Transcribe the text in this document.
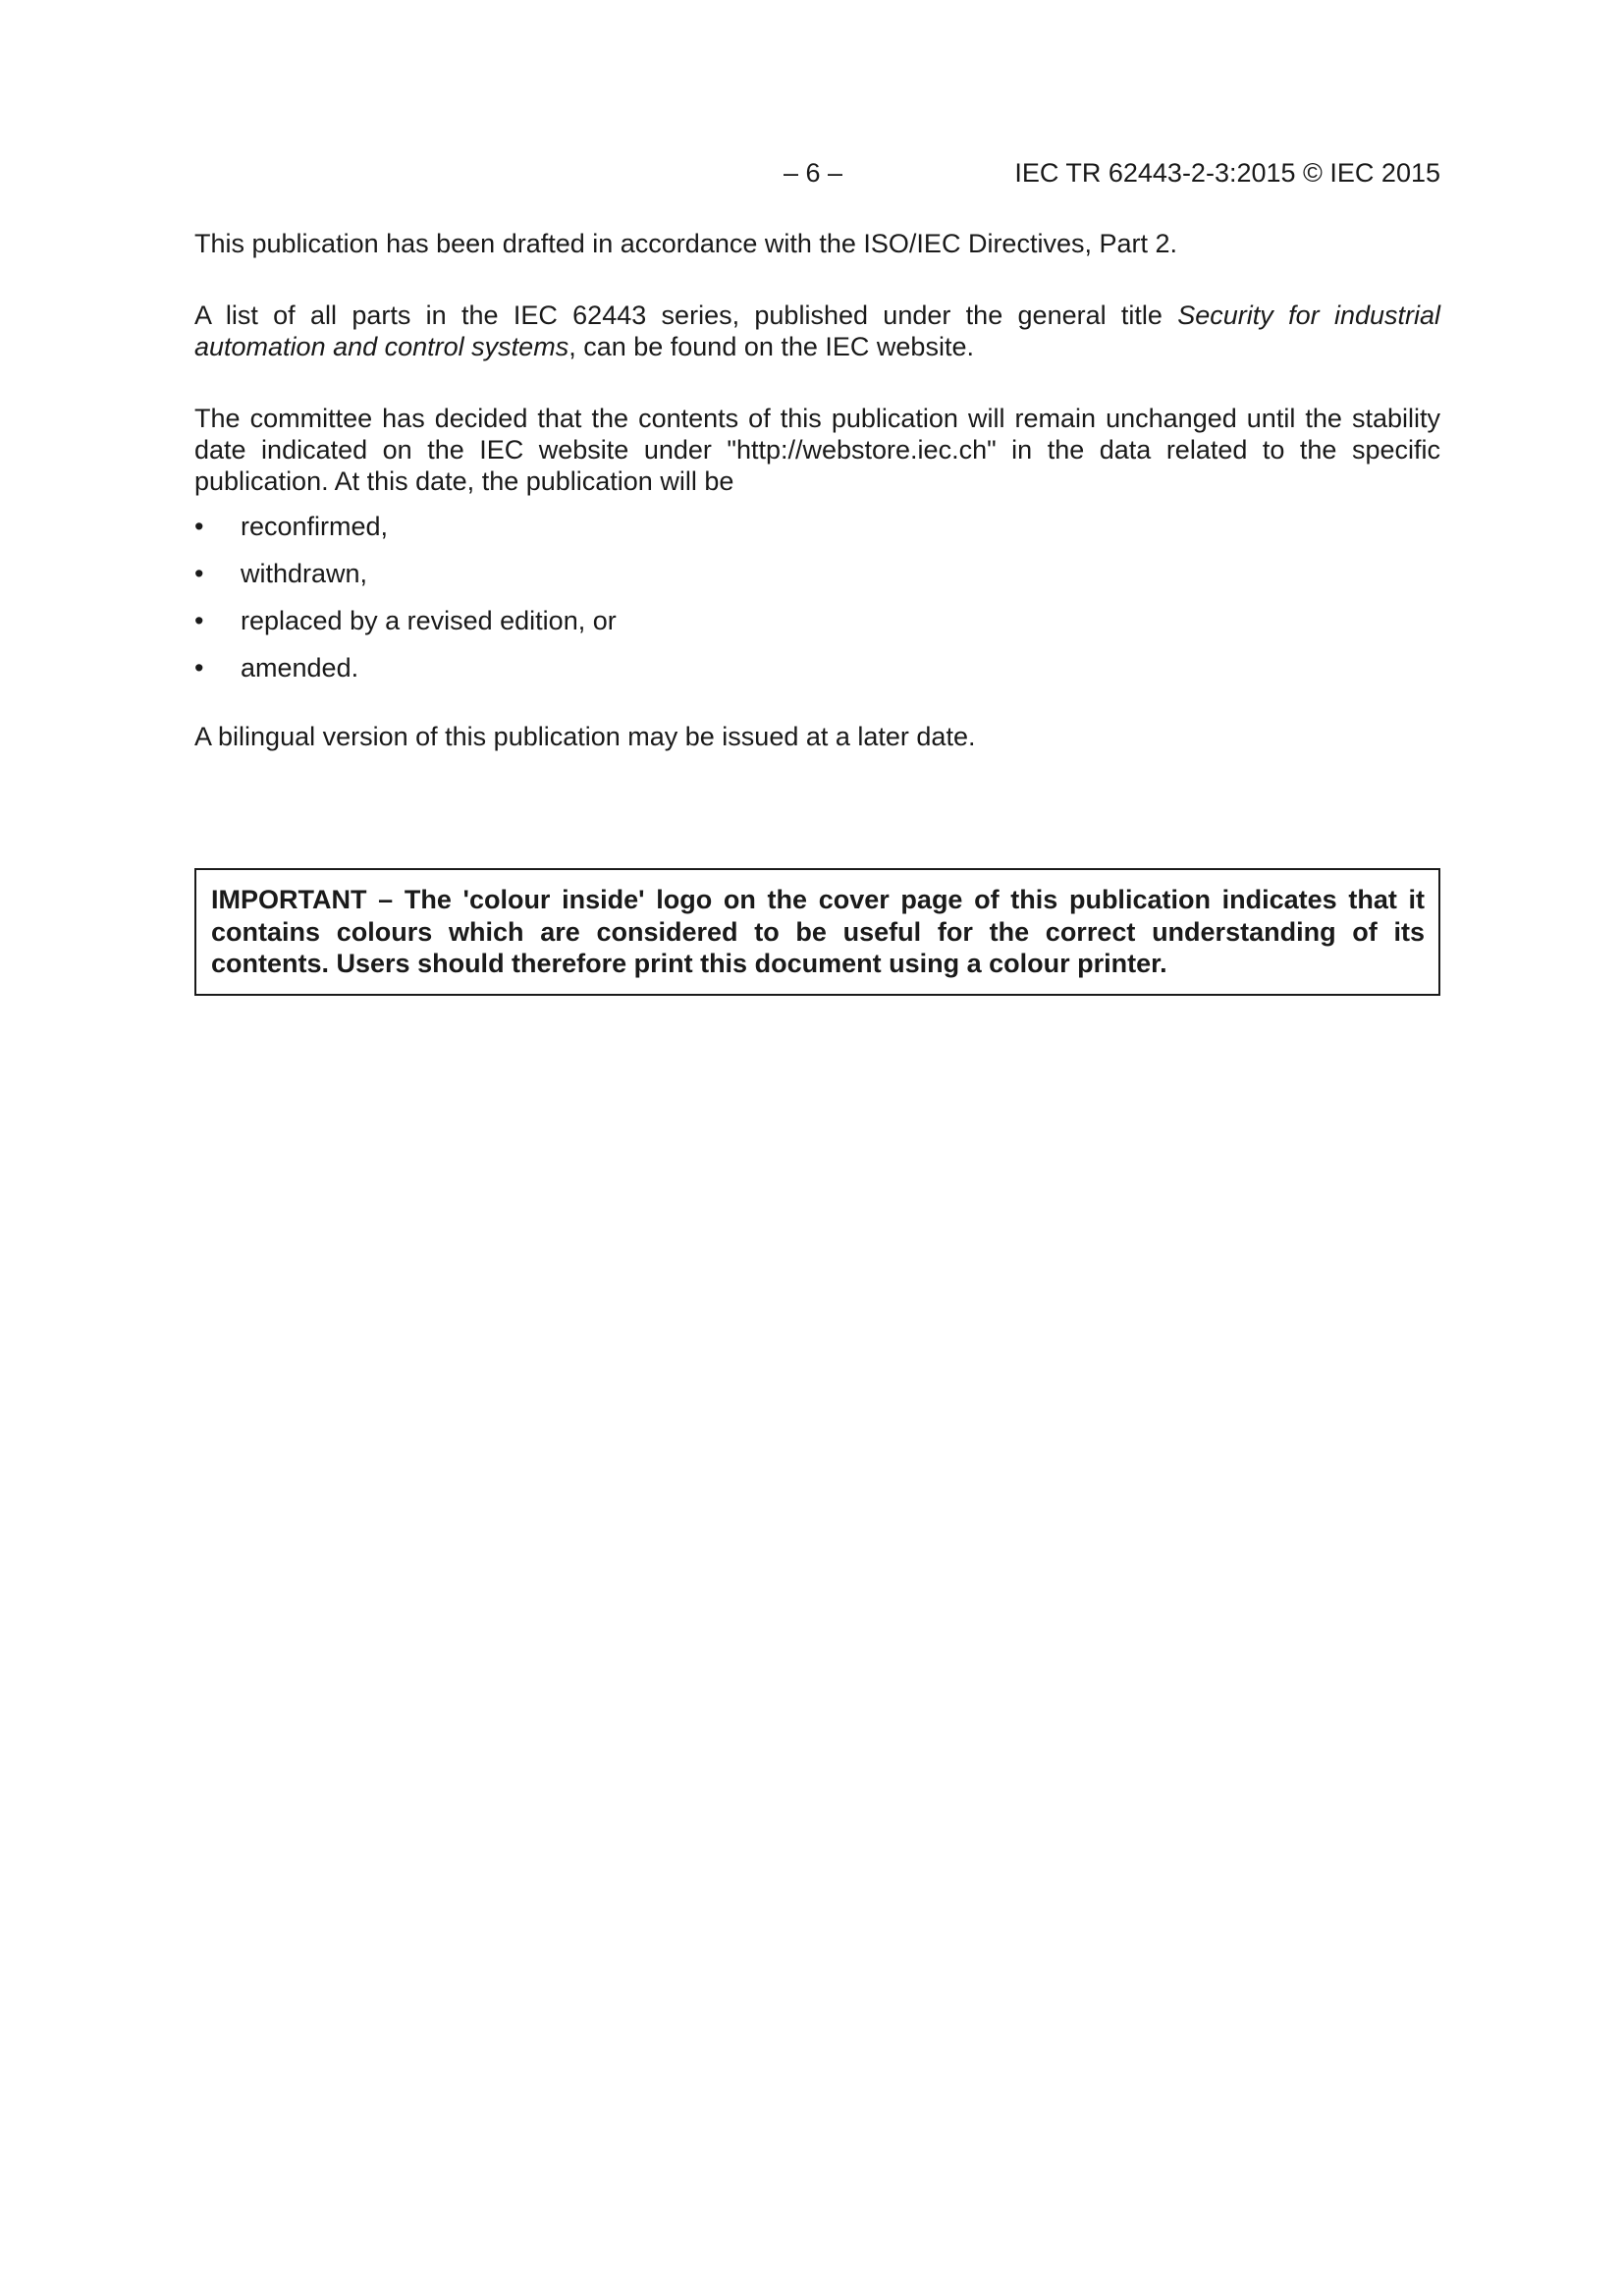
– 6 –	IEC TR 62443-2-3:2015 © IEC 2015

This publication has been drafted in accordance with the ISO/IEC Directives, Part 2.

A list of all parts in the IEC 62443 series, published under the general title Security for industrial automation and control systems, can be found on the IEC website.

The committee has decided that the contents of this publication will remain unchanged until the stability date indicated on the IEC website under "http://webstore.iec.ch" in the data related to the specific publication. At this date, the publication will be

•	reconfirmed,
•	withdrawn,
•	replaced by a revised edition, or
•	amended.

A bilingual version of this publication may be issued at a later date.

IMPORTANT – The 'colour inside' logo on the cover page of this publication indicates that it contains colours which are considered to be useful for the correct understanding of its contents. Users should therefore print this document using a colour printer.
